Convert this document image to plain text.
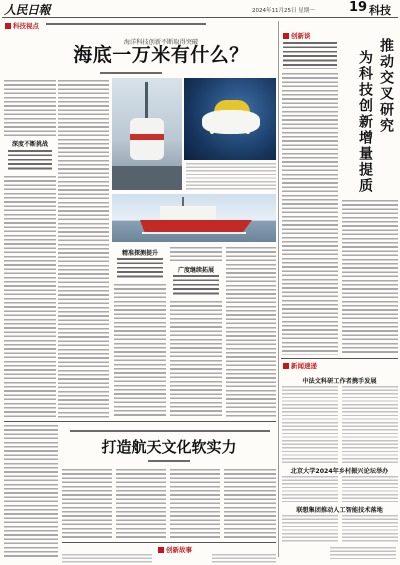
人民日報	2024年11月25日 星期一	19 科技
科技视点
海洋科技创新不断取得突破
海底一万米有什么？
深度不断挑战
精准探测提升
广度继续拓展
创新谈
推动交叉研究
为科技创新增量提质
新闻速递
中法文科研工作者携手发展
北京大学2024年乡村振兴论坛举办
联想集团推动人工智能技术落地
打造航天文化软实力
创新故事
